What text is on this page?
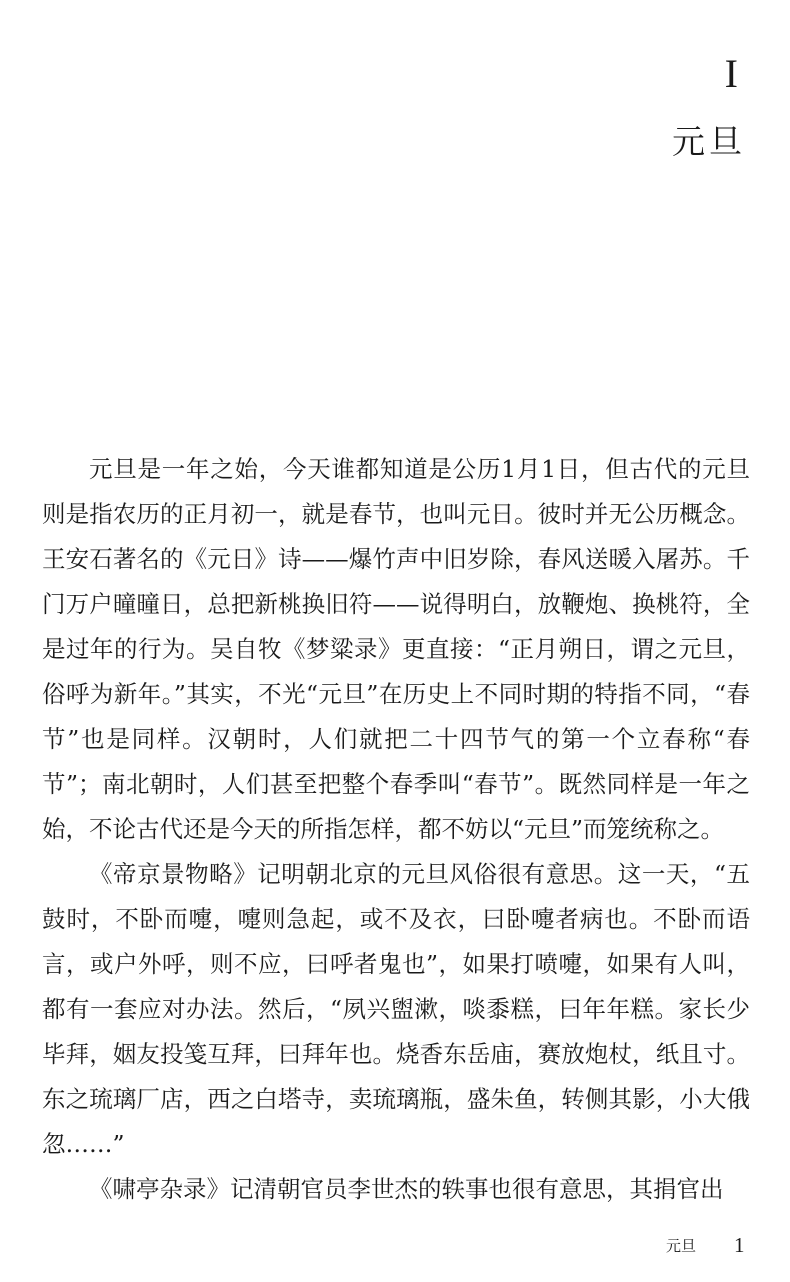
I
元旦

元旦是一年之始，今天谁都知道是公历1月1日，但古代的元旦则是指农历的正月初一，就是春节，也叫元日。彼时并无公历概念。王安石著名的《元日》诗——爆竹声中旧岁除，春风送暖入屠苏。千门万户曈曈日，总把新桃换旧符——说得明白，放鞭炮、换桃符，全是过年的行为。吴自牧《梦粱录》更直接：“正月朔日，谓之元旦，俗呼为新年。”其实，不光“元旦”在历史上不同时期的特指不同，“春节”也是同样。汉朝时，人们就把二十四节气的第一个立春称“春节”；南北朝时，人们甚至把整个春季叫“春节”。既然同样是一年之始，不论古代还是今天的所指怎样，都不妨以“元旦”而笼统称之。

《帝京景物略》记明朝北京的元旦风俗很有意思。这一天，“五鼓时，不卧而嚏，嚏则急起，或不及衣，曰卧嚏者病也。不卧而语言，或户外呼，则不应，曰呼者鬼也”，如果打喷嚏，如果有人叫，都有一套应对办法。然后，“夙兴盥漱，啖黍糕，曰年年糕。家长少毕拜，姻友投笺互拜，曰拜年也。烧香东岳庙，赛放炮杖，纸且寸。东之琉璃厂店，西之白塔寺，卖琉璃瓶，盛朱鱼，转侧其影，小大俄忽……”

《啸亭杂录》记清朝官员李世杰的轶事也很有意思，其捐官出

元旦 1
